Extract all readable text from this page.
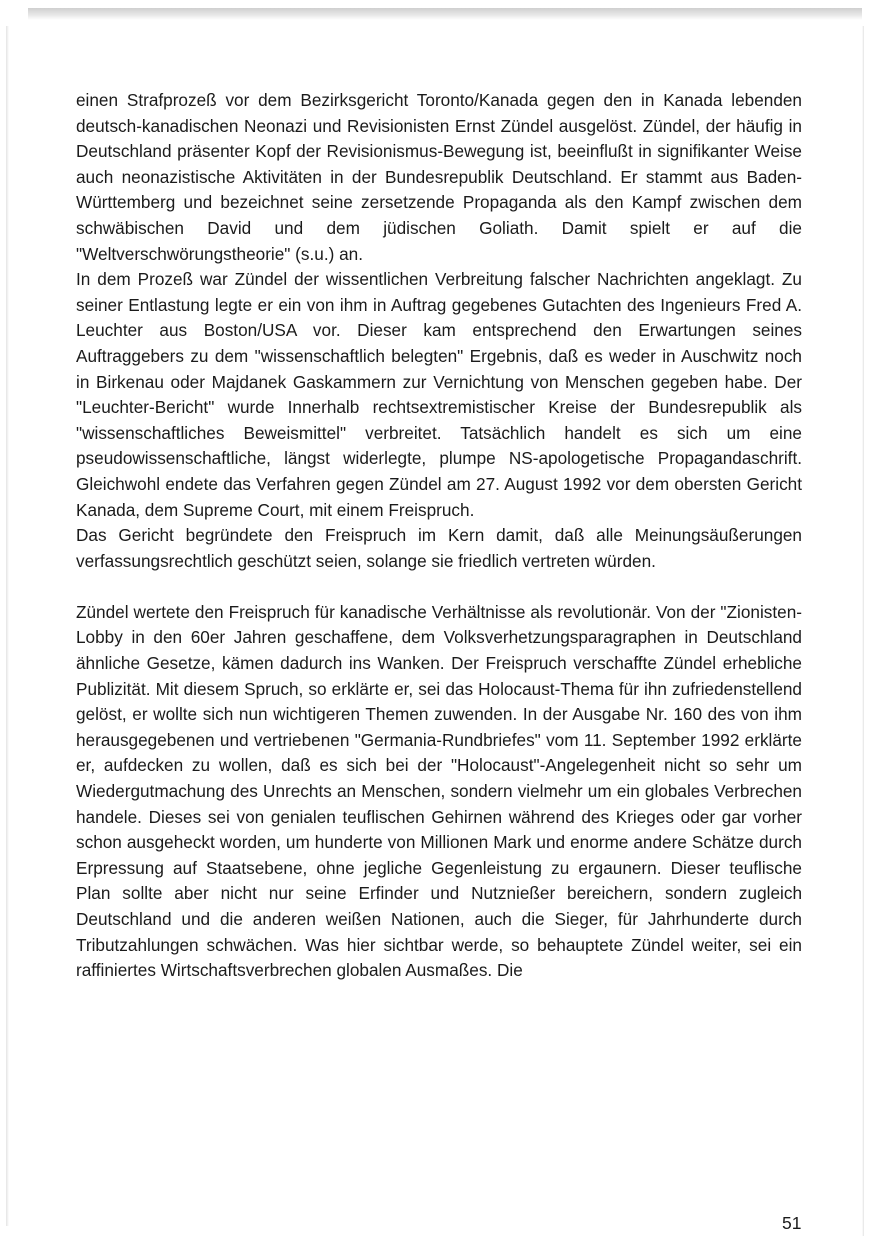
einen Strafprozeß vor dem Bezirksgericht Toronto/Kanada gegen den in Kanada lebenden deutsch-kanadischen Neonazi und Revisionisten Ernst Zündel ausgelöst. Zündel, der häufig in Deutschland präsenter Kopf der Revisionismus-Bewegung ist, beeinflußt in signifikanter Weise auch neonazistische Aktivitäten in der Bundesrepublik Deutschland. Er stammt aus Baden-Württemberg und bezeichnet seine zersetzende Propaganda als den Kampf zwischen dem schwäbischen David und dem jüdischen Goliath. Damit spielt er auf die "Weltverschwörungstheorie" (s.u.) an.

In dem Prozeß war Zündel der wissentlichen Verbreitung falscher Nachrichten angeklagt. Zu seiner Entlastung legte er ein von ihm in Auftrag gegebenes Gutachten des Ingenieurs Fred A. Leuchter aus Boston/USA vor. Dieser kam entsprechend den Erwartungen seines Auftraggebers zu dem "wissenschaftlich belegten" Ergebnis, daß es weder in Auschwitz noch in Birkenau oder Majdanek Gaskammern zur Vernichtung von Menschen gegeben habe. Der "Leuchter-Bericht" wurde Innerhalb rechtsextremistischer Kreise der Bundesrepublik als "wissenschaftliches Beweismittel" verbreitet. Tatsächlich handelt es sich um eine pseudowissenschaftliche, längst widerlegte, plumpe NS-apologetische Propagandaschrift. Gleichwohl endete das Verfahren gegen Zündel am 27. August 1992 vor dem obersten Gericht Kanada, dem Supreme Court, mit einem Freispruch.

Das Gericht begründete den Freispruch im Kern damit, daß alle Meinungsäußerungen verfassungsrechtlich geschützt seien, solange sie friedlich vertreten würden.

Zündel wertete den Freispruch für kanadische Verhältnisse als revolutionär. Von der "Zionisten-Lobby in den 60er Jahren geschaffene, dem Volksverhetzungsparagraphen in Deutschland ähnliche Gesetze, kämen dadurch ins Wanken. Der Freispruch verschaffte Zündel erhebliche Publizität. Mit diesem Spruch, so erklärte er, sei das Holocaust-Thema für ihn zufriedenstellend gelöst, er wollte sich nun wichtigeren Themen zuwenden. In der Ausgabe Nr. 160 des von ihm herausgegebenen und vertriebenen "Germania-Rundbriefes" vom 11. September 1992 erklärte er, aufdecken zu wollen, daß es sich bei der "Holocaust"-Angelegenheit nicht so sehr um Wiedergutmachung des Unrechts an Menschen, sondern vielmehr um ein globales Verbrechen handele. Dieses sei von genialen teuflischen Gehirnen während des Krieges oder gar vorher schon ausgeheckt worden, um hunderte von Millionen Mark und enorme andere Schätze durch Erpressung auf Staatsebene, ohne jegliche Gegenleistung zu ergaunern. Dieser teuflische Plan sollte aber nicht nur seine Erfinder und Nutznießer bereichern, sondern zugleich Deutschland und die anderen weißen Nationen, auch die Sieger, für Jahrhunderte durch Tributzahlungen schwächen. Was hier sichtbar werde, so behauptete Zündel weiter, sei ein raffiniertes Wirtschaftsverbrechen globalen Ausmaßes. Die

51
